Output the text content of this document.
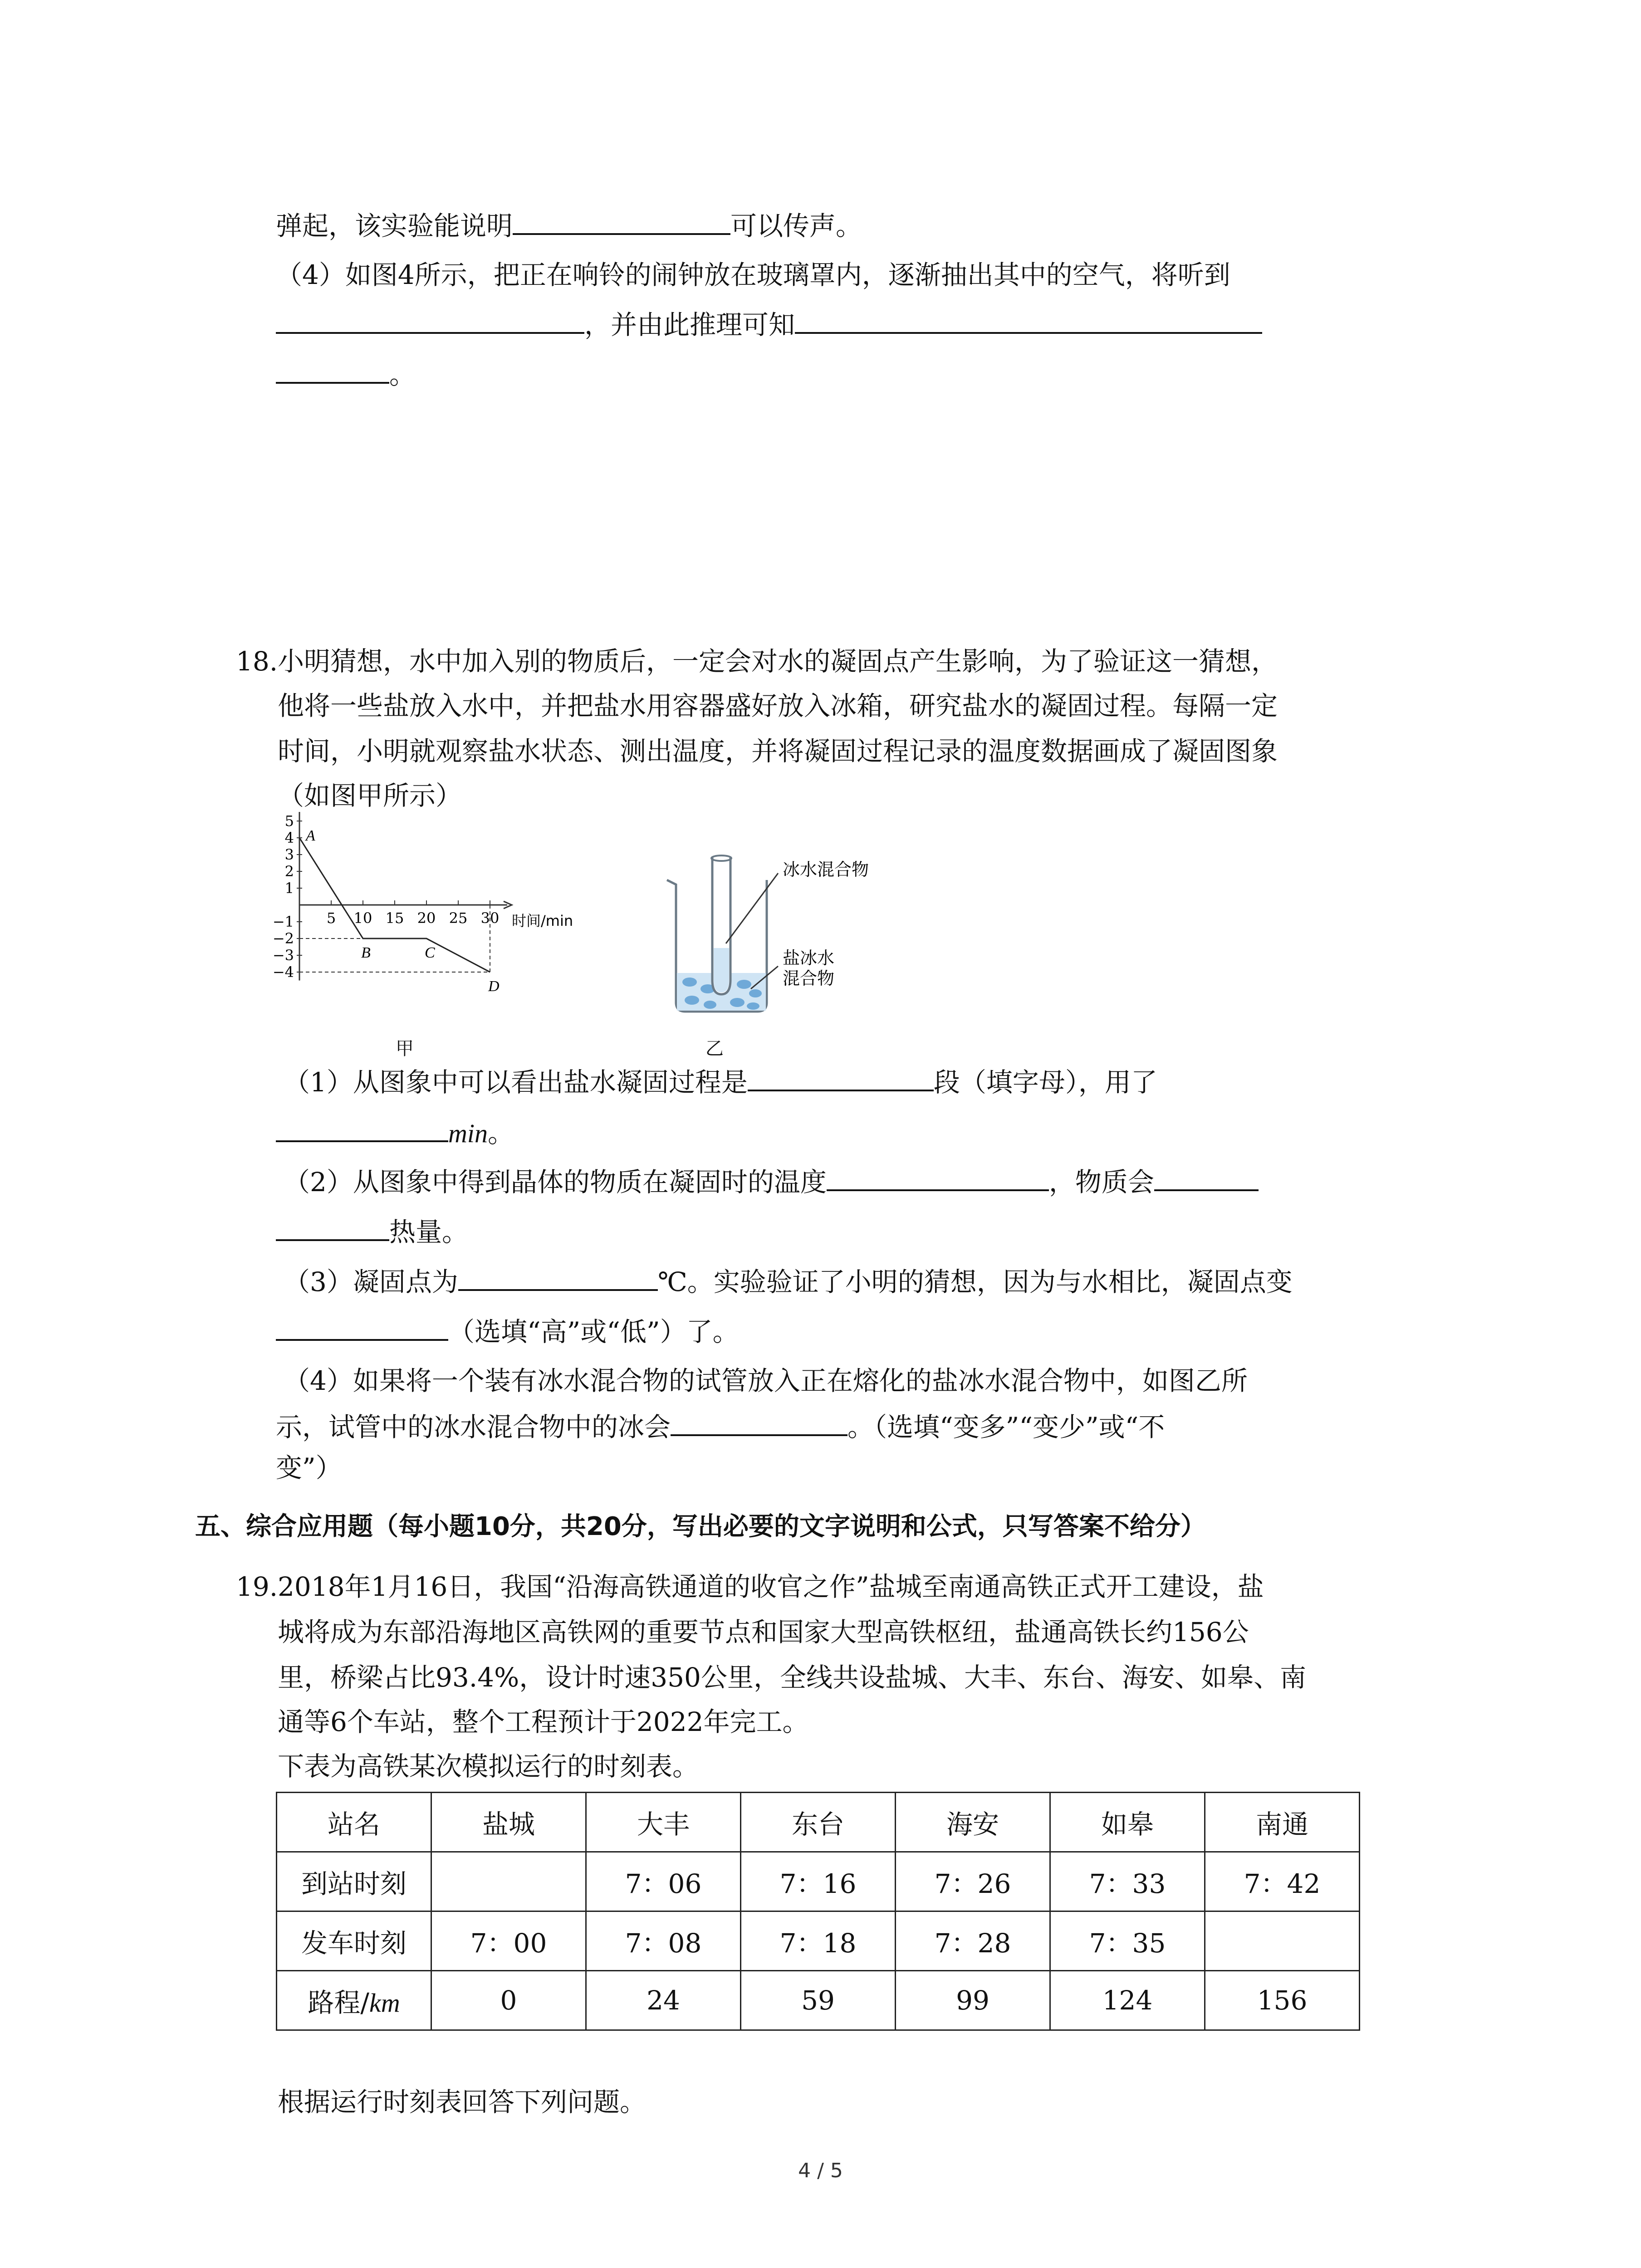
弹起，该实验能说明	可以传声。
（4）如图4所示，把正在响铃的闹钟放在玻璃罩内，逐渐抽出其中的空气，将听到
，并由此推理可知
。
18. 小明猜想，水中加入别的物质后，一定会对水的凝固点产生影响，为了验证这一猜想，
他将一些盐放入水中，并把盐水用容器盛好放入冰箱，研究盐水的凝固过程。每隔一定
时间，小明就观察盐水状态、测出温度，并将凝固过程记录的温度数据画成了凝固图象
（如图甲所示）
5
4
3
2
1
−1
−2
−3
−4
5 10 15 20 25 30 时间/min
A
B	C
D
甲
冰水混合物
盐冰水
混合物
乙
（1）从图象中可以看出盐水凝固过程是	段（填字母），用了
min。
（2）从图象中得到晶体的物质在凝固时的温度	，物质会
热量。
（3）凝固点为	℃。实验验证了小明的猜想，因为与水相比，凝固点变
（选填“高”或“低”）了。
（4）如果将一个装有冰水混合物的试管放入正在熔化的盐冰水混合物中，如图乙所
示，试管中的冰水混合物中的冰会	。（选填“变多”“变少”或“不
变”）
五、综合应用题（每小题10分，共20分，写出必要的文字说明和公式，只写答案不给分）
19. 2018年1月16日，我国“沿海高铁通道的收官之作”盐城至南通高铁正式开工建设，盐
城将成为东部沿海地区高铁网的重要节点和国家大型高铁枢纽，盐通高铁长约156公
里，桥梁占比93.4%，设计时速350公里，全线共设盐城、大丰、东台、海安、如皋、南
通等6个车站，整个工程预计于2022年完工。
下表为高铁某次模拟运行的时刻表。
站名	盐城	大丰	东台	海安	如皋	南通
到站时刻		7：06	7：16	7：26	7：33	7：42
发车时刻	7：00	7：08	7：18	7：28	7：35	
路程/km	0	24	59	99	124	156
根据运行时刻表回答下列问题。
4 / 5
